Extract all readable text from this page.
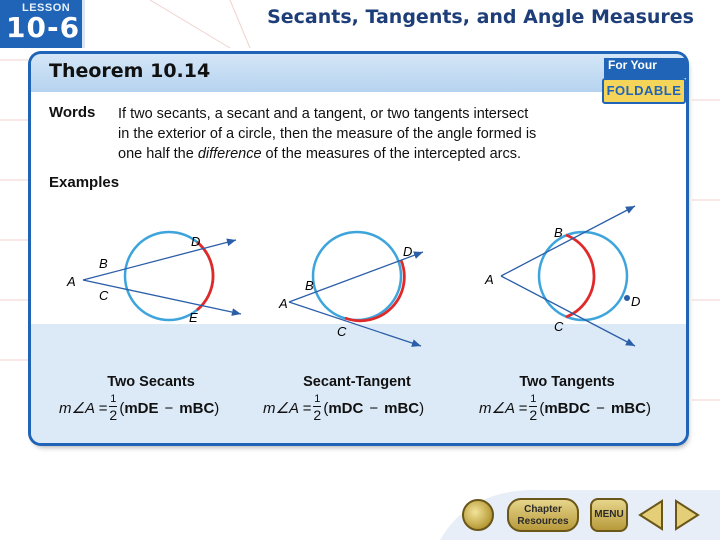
LESSON
10-6	Secants, Tangents, and Angle Measures
Theorem 10.14
Words If two secants, a secant and a tangent, or two tangents intersect
in the exterior of a circle, then the measure of the angle formed is
one half the difference of the measures of the intercepted arcs.
Examples
A
B
C
D
E
A
B
C
D
A
B
C
D
Two Secants	Secant-Tangent	Two Tangents
m∠A = $\frac{1}{2}$ ( mDE − mBC )	m∠A = $\frac{1}{2}$ ( mDC − mBC )	m∠A = $\frac{1}{2}$ ( mBDC − mBC )
For Your
FOLDABLE
Chapter Resources
MENU
